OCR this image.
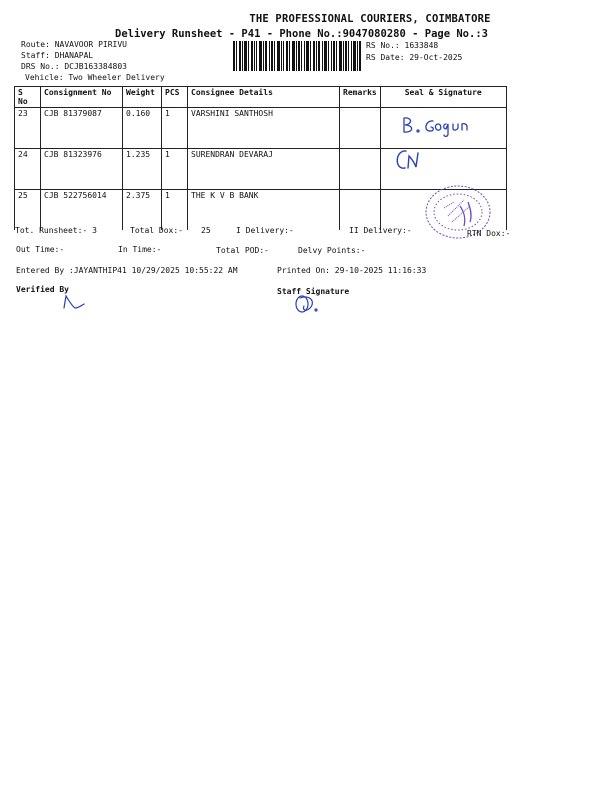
THE PROFESSIONAL COURIERS, COIMBATORE
Delivery Runsheet - P41 - Phone No.:9047080280 - Page No.:3
Route: NAVAVOOR PIRIVU
Staff: DHANAPAL
DRS No.: DCJB163384803
Vehicle: Two Wheeler Delivery
RS No.: 1633848
RS Date: 29-Oct-2025
S No	Consignment No	Weight	PCS	Consignee Details	Remarks	Seal & Signature
23	CJB 81379087	0.160	1	VARSHINI SANTHOSH		
24	CJB 81323976	1.235	1	SURENDRAN DEVARAJ		
25	CJB 522756014	2.375	1	THE K V B BANK		
Tot. Runsheet:- 3	Total Dox:- 25	I Delivery:-	II Delivery:-	RTN Dox:-
Out Time:-	In Time:-	Total POD:-	Delvy Points:-
Entered By :JAYANTHIP41 10/29/2025 10:55:22 AM	Printed On: 29-10-2025 11:16:33
Verified By	Staff Signature
